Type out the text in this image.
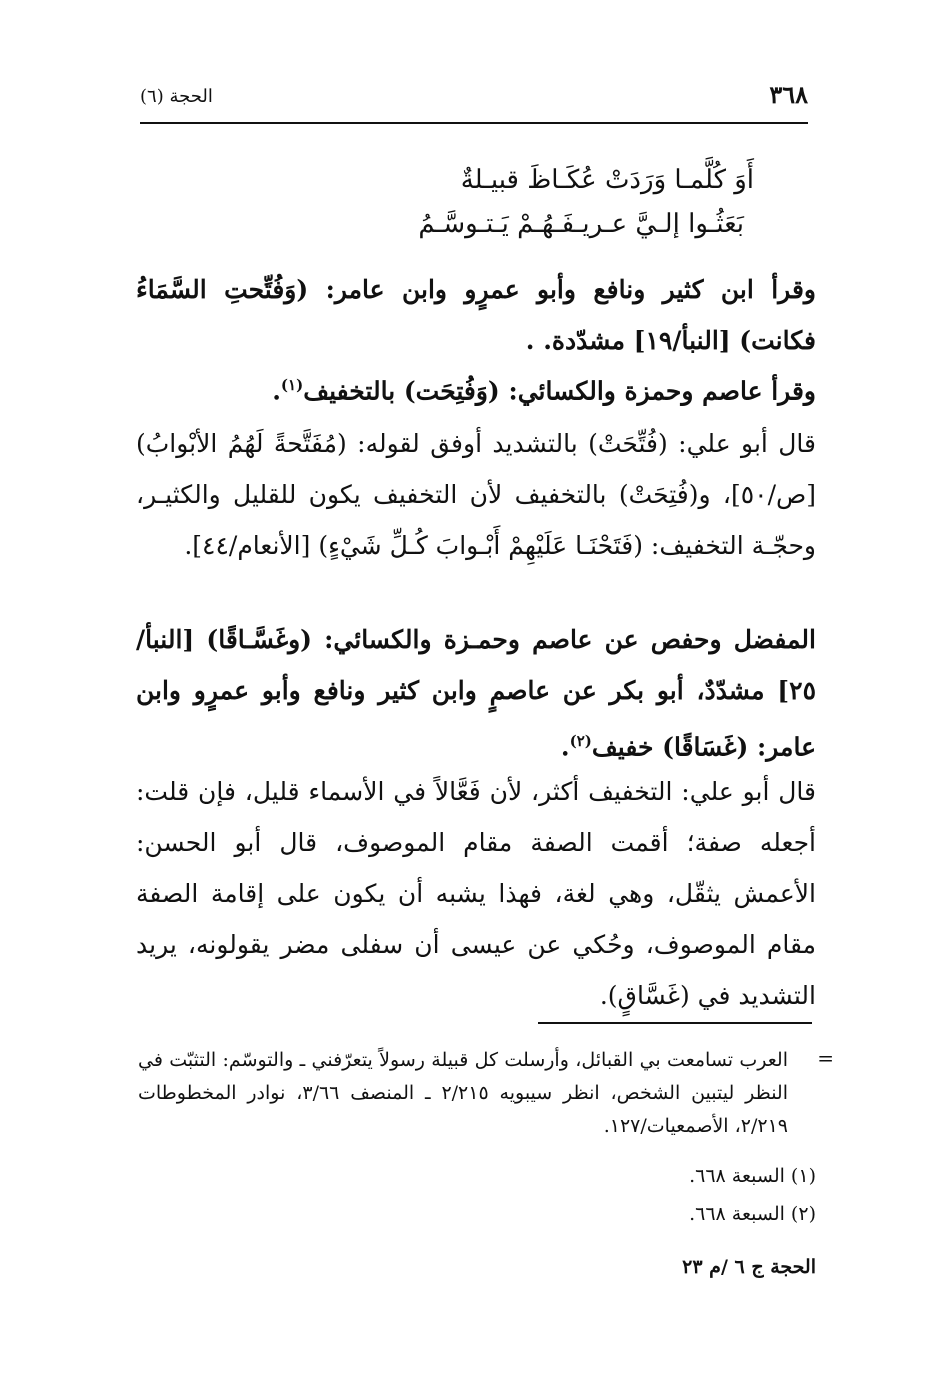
٣٦٨
الحجة (٦)
أَوَ كُلَّمـا وَرَدَتْ عُكَـاظَ قبيـلةٌ
بَعَثُـوا إلـيَّ عـريـفَـهُـمْ يَـتـوسَّـمُ
وقرأ ابن كثير ونافع وأبو عمرٍو وابن عامر: (وَفُتِّحتِ السَّمَاءُ فكانت) [النبأ/١٩] مشدّدة. .
وقرأ عاصم وحمزة والكسائي: (وَفُتِحَت) بالتخفيف$^{(١)}$.
قال أبو علي: (فُتِّحَتْ) بالتشديد أوفق لقوله: (مُفَتَّحةً لَهُمُ الأبْوابُ) [ص/٥٠]، و(فُتِحَتْ) بالتخفيف لأن التخفيف يكون للقليل والكثيـر، وحجّـة التخفيف: (فَتَحْنَـا عَلَيْهِمْ أَبْـوابَ كُـلِّ شَيْءٍ) [الأنعام/٤٤].
المفضل وحفص عن عاصم وحمـزة والكسائي: (وغَسَّـاقًا) [النبأ/٢٥] مشدّدٌ، أبو بكر عن عاصمٍ وابن كثير ونافع وأبو عمرٍو وابن عامر: (غَسَاقًا) خفيف$^{(٢)}$.
قال أبو علي: التخفيف أكثر، لأن فَعَّالاً في الأسماء قليل، فإن قلت: أجعله صفة؛ أقمت الصفة مقام الموصوف، قال أبو الحسن: الأعمش يثقّل، وهي لغة، فهذا يشبه أن يكون على إقامة الصفة مقام الموصوف، وحُكي عن عيسى أن سفلى مضر يقولونه، يريد التشديد في (غَسَّاقٍ).
=
العرب تسامعت بي القبائل، وأرسلت كل قبيلة رسولاً يتعرّفني ـ والتوسّم: التثبّت في النظر ليتبين الشخص، انظر سيبويه ٢/٢١٥ ـ المنصف ٣/٦٦، نوادر المخطوطات ٢/٢١٩، الأصمعيات/١٢٧.
(١) السبعة ٦٦٨.
(٢) السبعة ٦٦٨.
الحجة ج ٦ /م ٢٣
